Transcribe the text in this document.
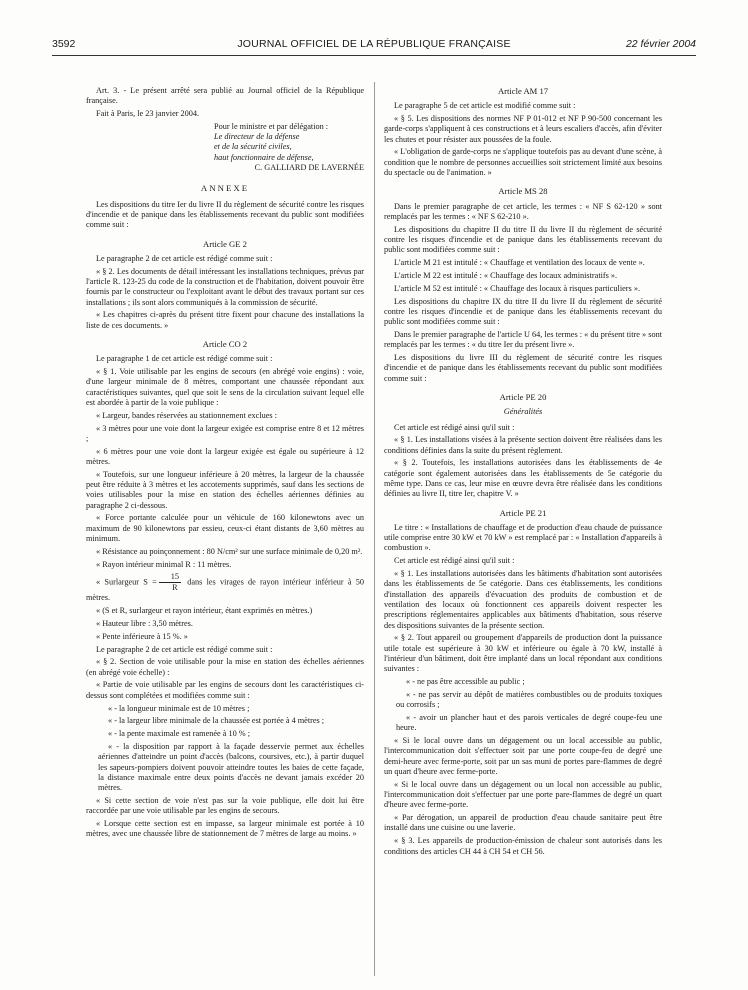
3592	JOURNAL OFFICIEL DE LA RÉPUBLIQUE FRANÇAISE	22 février 2004

Art. 3. - Le présent arrêté sera publié au Journal officiel de la République française.

Fait à Paris, le 23 janvier 2004.

Pour le ministre et par délégation :
Le directeur de la défense
et de la sécurité civiles,
haut fonctionnaire de défense,
C. GALLIARD DE LAVERNÉE
ANNEXE

Les dispositions du titre Ier du livre II du règlement de sécurité contre les risques d'incendie et de panique dans les établissements recevant du public sont modifiées comme suit :

Article GE 2

Le paragraphe 2 de cet article est rédigé comme suit :

« § 2. Les documents de détail intéressant les installations techniques, prévus par l'article R. 123-25 du code de la construction et de l'habitation, doivent pouvoir être fournis par le constructeur ou l'exploitant avant le début des travaux portant sur ces installations ; ils sont alors communiqués à la commission de sécurité.

« Les chapitres ci-après du présent titre fixent pour chacune des installations la liste de ces documents. »

Article CO 2

Le paragraphe 1 de cet article est rédigé comme suit :

« § 1. Voie utilisable par les engins de secours (en abrégé voie engins) : voie, d'une largeur minimale de 8 mètres, comportant une chaussée répondant aux caractéristiques suivantes, quel que soit le sens de la circulation suivant lequel elle est abordée à partir de la voie publique :

« Largeur, bandes réservées au stationnement exclues :

« 3 mètres pour une voie dont la largeur exigée est comprise entre 8 et 12 mètres ;

« 6 mètres pour une voie dont la largeur exigée est égale ou supérieure à 12 mètres.

« Toutefois, sur une longueur inférieure à 20 mètres, la largeur de la chaussée peut être réduite à 3 mètres et les accotements supprimés, sauf dans les sections de voies utilisables pour la mise en station des échelles aériennes définies au paragraphe 2 ci-dessous.

« Force portante calculée pour un véhicule de 160 kilonewtons avec un maximum de 90 kilonewtons par essieu, ceux-ci étant distants de 3,60 mètres au minimum.

« Résistance au poinçonnement : 80 N/cm² sur une surface minimale de 0,20 m².

« Rayon intérieur minimal R : 11 mètres.

« Surlargeur $S = \frac{15}{R}$ dans les virages de rayon intérieur inférieur à 50 mètres.

« (S et R, surlargeur et rayon intérieur, étant exprimés en mètres.)

« Hauteur libre : 3,50 mètres.

« Pente inférieure à 15 %. »

Le paragraphe 2 de cet article est rédigé comme suit :

« § 2. Section de voie utilisable pour la mise en station des échelles aériennes (en abrégé voie échelle) :

« Partie de voie utilisable par les engins de secours dont les caractéristiques ci-dessus sont complétées et modifiées comme suit :

« - la longueur minimale est de 10 mètres ;

« - la largeur libre minimale de la chaussée est portée à 4 mètres ;

« - la pente maximale est ramenée à 10 % ;

« - la disposition par rapport à la façade desservie permet aux échelles aériennes d'atteindre un point d'accès (balcons, coursives, etc.), à partir duquel les sapeurs-pompiers doivent pouvoir atteindre toutes les baies de cette façade, la distance maximale entre deux points d'accès ne devant jamais excéder 20 mètres.

« Si cette section de voie n'est pas sur la voie publique, elle doit lui être raccordée par une voie utilisable par les engins de secours.

« Lorsque cette section est en impasse, sa largeur minimale est portée à 10 mètres, avec une chaussée libre de stationnement de 7 mètres de large au moins. »

Article AM 17

Le paragraphe 5 de cet article est modifié comme suit :

« § 5. Les dispositions des normes NF P 01-012 et NF P 90-500 concernant les garde-corps s'appliquent à ces constructions et à leurs escaliers d'accès, afin d'éviter les chutes et pour résister aux poussées de la foule.

« L'obligation de garde-corps ne s'applique toutefois pas au devant d'une scène, à condition que le nombre de personnes accueillies soit strictement limité aux besoins du spectacle ou de l'animation. »

Article MS 28

Dans le premier paragraphe de cet article, les termes : « NF S 62-120 » sont remplacés par les termes : « NF S 62-210 ».

Les dispositions du chapitre II du titre II du livre II du règlement de sécurité contre les risques d'incendie et de panique dans les établissements recevant du public sont modifiées comme suit :

L'article M 21 est intitulé : « Chauffage et ventilation des locaux de vente ».

L'article M 22 est intitulé : « Chauffage des locaux administratifs ».

L'article M 52 est intitulé : « Chauffage des locaux à risques particuliers ».

Les dispositions du chapitre IX du titre II du livre II du règlement de sécurité contre les risques d'incendie et de panique dans les établissements recevant du public sont modifiées comme suit :

Dans le premier paragraphe de l'article U 64, les termes : « du présent titre » sont remplacés par les termes : « du titre Ier du présent livre ».

Les dispositions du livre III du règlement de sécurité contre les risques d'incendie et de panique dans les établissements recevant du public sont modifiées comme suit :

Article PE 20
Généralités

Cet article est rédigé ainsi qu'il suit :

« § 1. Les installations visées à la présente section doivent être réalisées dans les conditions définies dans la suite du présent règlement.

« § 2. Toutefois, les installations autorisées dans les établissements de 4e catégorie sont également autorisées dans les établissements de 5e catégorie du même type. Dans ce cas, leur mise en œuvre devra être réalisée dans les conditions définies au livre II, titre Ier, chapitre V. »

Article PE 21

Le titre : « Installations de chauffage et de production d'eau chaude de puissance utile comprise entre 30 kW et 70 kW » est remplacé par : « Installation d'appareils à combustion ».

Cet article est rédigé ainsi qu'il suit :

« § 1. Les installations autorisées dans les bâtiments d'habitation sont autorisées dans les établissements de 5e catégorie. Dans ces établissements, les conditions d'installation des appareils d'évacuation des produits de combustion et de ventilation des locaux où fonctionnent ces appareils doivent respecter les prescriptions réglementaires applicables aux bâtiments d'habitation, sous réserve des dispositions suivantes de la présente section.

« § 2. Tout appareil ou groupement d'appareils de production dont la puissance utile totale est supérieure à 30 kW et inférieure ou égale à 70 kW, installé à l'intérieur d'un bâtiment, doit être implanté dans un local répondant aux conditions suivantes :

« - ne pas être accessible au public ;

« - ne pas servir au dépôt de matières combustibles ou de produits toxiques ou corrosifs ;

« - avoir un plancher haut et des parois verticales de degré coupe-feu une heure.

« Si le local ouvre dans un dégagement ou un local accessible au public, l'intercommunication doit s'effectuer soit par une porte coupe-feu de degré une demi-heure avec ferme-porte, soit par un sas muni de portes pare-flammes de degré un quart d'heure avec ferme-porte.

« Si le local ouvre dans un dégagement ou un local non accessible au public, l'intercommunication doit s'effectuer par une porte pare-flammes de degré un quart d'heure avec ferme-porte.

« Par dérogation, un appareil de production d'eau chaude sanitaire peut être installé dans une cuisine ou une laverie.

« § 3. Les appareils de production-émission de chaleur sont autorisés dans les conditions des articles CH 44 à CH 54 et CH 56.
